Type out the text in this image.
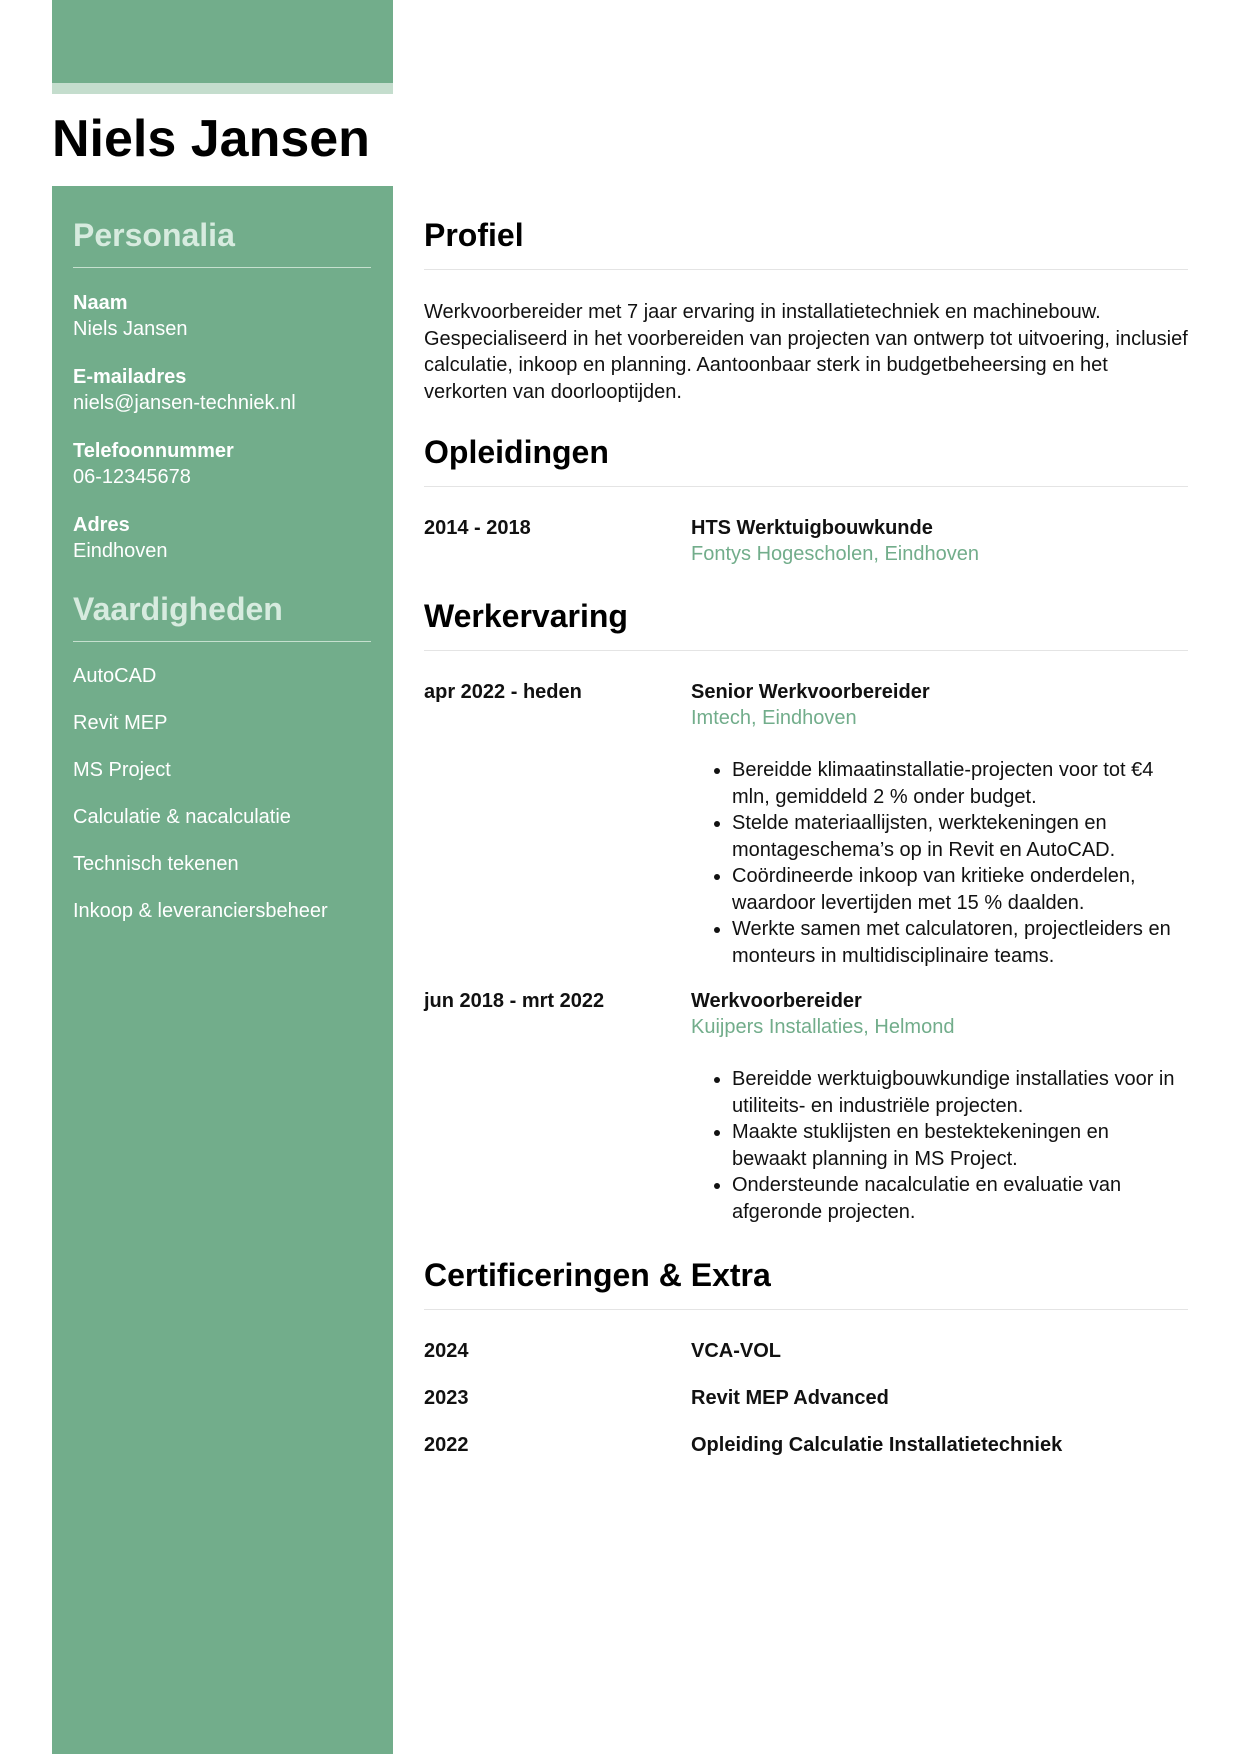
Niels Jansen
Personalia
Naam
Niels Jansen
E-mailadres
niels@jansen-techniek.nl
Telefoonnummer
06-12345678
Adres
Eindhoven
Vaardigheden
AutoCAD
Revit MEP
MS Project
Calculatie & nacalculatie
Technisch tekenen
Inkoop & leveranciersbeheer
Profiel
Werkvoorbereider met 7 jaar ervaring in installatietechniek en machinebouw. Gespecialiseerd in het voorbereiden van projecten van ontwerp tot uitvoering, inclusief calculatie, inkoop en planning. Aantoonbaar sterk in budgetbeheersing en het verkorten van doorlooptijden.
Opleidingen
2014 - 2018	HTS Werktuigbouwkunde
Fontys Hogescholen, Eindhoven
Werkervaring
apr 2022 - heden	Senior Werkvoorbereider
Imtech, Eindhoven
• Bereidde klimaatinstallatie-projecten voor tot €4 mln, gemiddeld 2 % onder budget.
• Stelde materiaallijsten, werktekeningen en montageschema’s op in Revit en AutoCAD.
• Coördineerde inkoop van kritieke onderdelen, waardoor levertijden met 15 % daalden.
• Werkte samen met calculatoren, projectleiders en monteurs in multidisciplinaire teams.
jun 2018 - mrt 2022	Werkvoorbereider
Kuijpers Installaties, Helmond
• Bereidde werktuigbouwkundige installaties voor in utiliteits- en industriële projecten.
• Maakte stuklijsten en bestektekeningen en bewaakt planning in MS Project.
• Ondersteunde nacalculatie en evaluatie van afgeronde projecten.
Certificeringen & Extra
2024	VCA-VOL
2023	Revit MEP Advanced
2022	Opleiding Calculatie Installatietechniek
